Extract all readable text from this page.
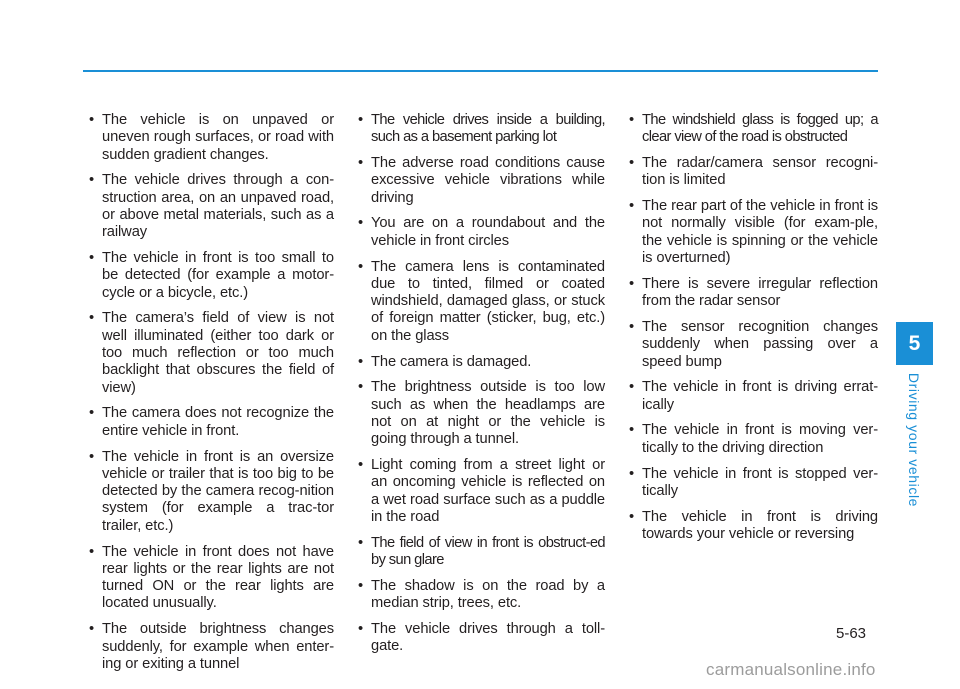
• The vehicle is on unpaved or uneven rough surfaces, or road with sudden gradient changes.
• The vehicle drives through a con-struction area, on an unpaved road, or above metal materials, such as a railway
• The vehicle in front is too small to be detected (for example a motor-cycle or a bicycle, etc.)
• The camera’s field of view is not well illuminated (either too dark or too much reflection or too much backlight that obscures the field of view)
• The camera does not recognize the entire vehicle in front.
• The vehicle in front is an oversize vehicle or trailer that is too big to be detected by the camera recog-nition system (for example a trac-tor trailer, etc.)
• The vehicle in front does not have rear lights or the rear lights are not turned ON or the rear lights are located unusually.
• The outside brightness changes suddenly, for example when enter-ing or exiting a tunnel
• The vehicle drives inside a building, such as a basement parking lot
• The adverse road conditions cause excessive vehicle vibrations while driving
• You are on a roundabout and the vehicle in front circles
• The camera lens is contaminated due to tinted, filmed or coated windshield, damaged glass, or stuck of foreign matter (sticker, bug, etc.) on the glass
• The camera is damaged.
• The brightness outside is too low such as when the headlamps are not on at night or the vehicle is going through a tunnel.
• Light coming from a street light or an oncoming vehicle is reflected on a wet road surface such as a puddle in the road
• The field of view in front is obstruct-ed by sun glare
• The shadow is on the road by a median strip, trees, etc.
• The vehicle drives through a toll-gate.
• The windshield glass is fogged up; a clear view of the road is obstructed
• The radar/camera sensor recogni-tion is limited
• The rear part of the vehicle in front is not normally visible (for exam-ple, the vehicle is spinning or the vehicle is overturned)
• There is severe irregular reflection from the radar sensor
• The sensor recognition changes suddenly when passing over a speed bump
• The vehicle in front is driving errat-ically
• The vehicle in front is moving ver-tically to the driving direction
• The vehicle in front is stopped ver-tically
• The vehicle in front is driving towards your vehicle or reversing
5
Driving your vehicle
5-63
carmanualsonline.info
